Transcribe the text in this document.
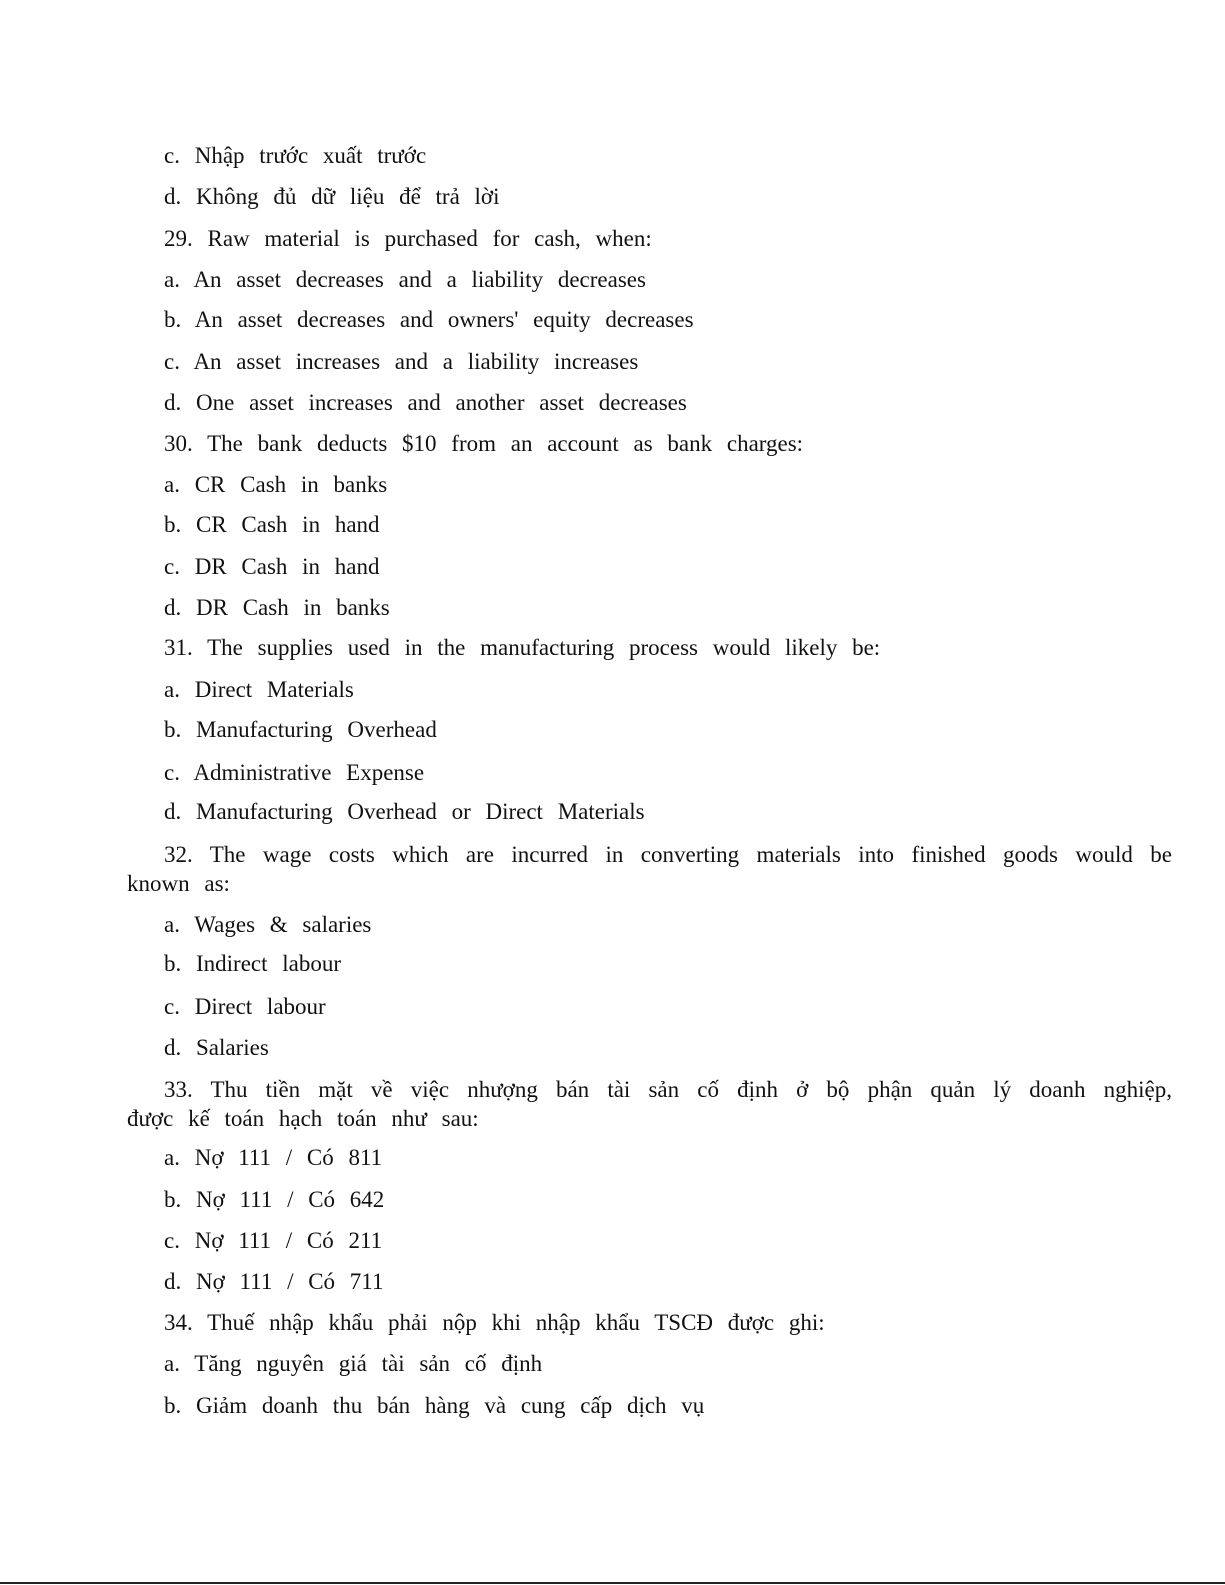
c. Nhập trước xuất trước
d. Không đủ dữ liệu để trả lời
29. Raw material is purchased for cash, when:
a. An asset decreases and a liability decreases
b. An asset decreases and owners' equity decreases
c. An asset increases and a liability increases
d. One asset increases and another asset decreases
30. The bank deducts $10 from an account as bank charges:
a. CR Cash in banks
b. CR Cash in hand
c. DR Cash in hand
d. DR Cash in banks
31. The supplies used in the manufacturing process would likely be:
a. Direct Materials
b. Manufacturing Overhead
c. Administrative Expense
d. Manufacturing Overhead or Direct Materials
32. The wage costs which are incurred in converting materials into finished goods would be known as:
a. Wages & salaries
b. Indirect labour
c. Direct labour
d. Salaries
33. Thu tiền mặt về việc nhượng bán tài sản cố định ở bộ phận quản lý doanh nghiệp, được kế toán hạch toán như sau:
a. Nợ 111 / Có 811
b. Nợ 111 / Có 642
c. Nợ 111 / Có 211
d. Nợ 111 / Có 711
34. Thuế nhập khẩu phải nộp khi nhập khẩu TSCĐ được ghi:
a. Tăng nguyên giá tài sản cố định
b. Giảm doanh thu bán hàng và cung cấp dịch vụ
